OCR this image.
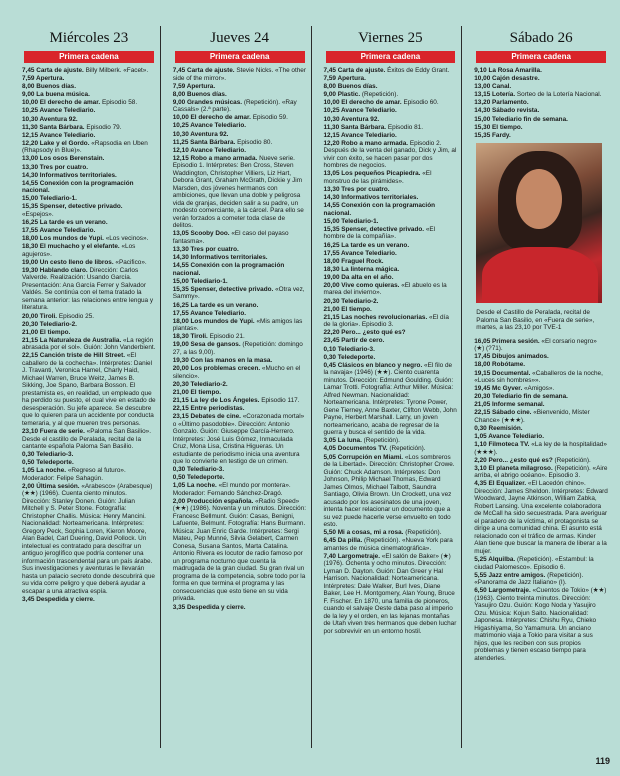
Miércoles 23
Primera cadena
7,45 Carta de ajuste. Billy Milberk. «Facet».
7,59 Apertura.
8,00 Buenos días.
9,00 La buena música.
10,00 El derecho de amar. Episodio 58.
10,25 Avance Telediario.
10,30 Aventura 92.
11,30 Santa Bárbara. Episodio 79.
12,15 Avance Telediario.
12,20 Lake y el Gordo. «Rapsodia en Uben (Rhapsody in Blue)».
13,00 Los osos Berenstain.
13,30 Tres por cuatro.
14,30 Informativos territoriales.
14,55 Conexión con la programación nacional.
15,00 Telediario-1.
15,35 Spenser, detective privado. «Espejos».
16,25 La tarde es un verano.
17,55 Avance Telediario.
18,00 Los mundos de Yupi. «Los vecinos».
18,30 El muchacho y el elefante. «Los agujeros».
19,00 Un cesto lleno de libros. «Pacifico».
19,30 Hablando claro. Dirección: Carlos Valverde. Realización: Usando García. Presentación: Ana García Ferrer y Salvador Valdés. Se continúa con el tema tratado la semana anterior: las relaciones entre lengua y literatura.
20,00 Tiroli. Episodio 25.
20,30 Telediario-2.
21,00 El tiempo.
21,15 La Naturaleza de Australia. «La región abrasada por el sol». Guión: John Vanderbient.
22,15 Canción triste de Hill Street. «El caballero de la cochecha». Intérpretes: Daniel J. Travanti, Veronica Hamel, Charly Haid, Michael Warren, Bruce Weitz, James B. Sikking, Joe Spano, Barbara Bosson. El prestamista es, en realidad, un empleado que ha perdido su puesto, el cual vive en estado de desesperación. Su jefe aparece. Se descubre que lo quieren para un accidente por conducta temeraria, y al que mueren tres personas.
23,10 Fuera de serie. «Paloma San Basilio». Desde el castillo de Peralada, recital de la cantante española Paloma San Basilio.
0,30 Telediario-3.
0,50 Teledeporte.
1,05 La noche. «Regreso al futuro». Moderador: Felipe Sahagún.
2,00 Última sesión. «Arabesco» (Arabesque) (★★) (1966). Cuenta ciento minutos. Dirección: Stanley Donen. Guión: Julian Mitchell y S. Peter Stone. Fotografía: Christopher Challis. Música: Henry Mancini. Nacionalidad: Norteamericana. Intérpretes: Gregory Peck, Sophia Loren, Kieron Moore, Alan Badel, Carl Duering, David Pollock. Un intelectual es contratado para descifrar un antiguo jeroglífico que podría contener una información trascendental para un país árabe. Sus investigaciones y aventuras le llevarán hasta un palacio secreto donde descubrirá que su vida corre peligro y que deberá ayudar a escapar a una atractiva espía.
3,45 Despedida y cierre.
Jueves 24
Primera cadena
7,45 Carta de ajuste. Stevie Nicks. «The other side of the mirror».
7,59 Apertura.
8,00 Buenos días.
9,00 Grandes músicas. (Repetición). «Ray Cassals» (2.ª parte).
10,00 El derecho de amar. Episodio 59.
10,25 Avance Telediario.
10,30 Aventura 92.
11,25 Santa Bárbara. Episodio 80.
12,10 Avance Telediario.
12,15 Robo a mano armada. Nueve serie. Episodio 1. Intérpretes: Ben Cross, Steven Waddington, Christopher Villiers, Liz Hart, Debora Grant, Graham McGrath, Dickie y Jim Marsden, dos jóvenes hermanos con ambiciones, que llevan una doble y peligrosa vida de granjas, deciden salir a su padre, un modesto comerciante, a la cárcel. Para ello se verán forzados a cometer toda clase de delitos.
13,05 Scooby Doo. «El caso del payaso fantasma».
13,30 Tres por cuatro.
14,30 Informativos territoriales.
14,55 Conexión con la programación nacional.
15,00 Telediario-1.
15,35 Spenser, detective privado. «Otra vez, Sammy».
16,25 La tarde es un verano.
17,55 Avance Telediario.
18,00 Los mundos de Yupi. «Mis amigos las plantas».
18,30 Tiroli. Episodio 21.
19,00 Sesa de gansos. (Repetición: domingo 27, a las 9,00).
19,30 Con las manos en la masa.
20,00 Los problemas crecen. «Mucho en el silencio».
20,30 Telediario-2.
21,00 El tiempo.
21,15 La ley de Los Ángeles. Episodio 117.
22,15 Entre periodistas.
23,15 Debates de cine. «Corazonada mortal» o «Último pasodoble». Dirección: Antonio Gonzalo. Guión: Giuseppe García-Herrero. Intérpretes: José Luis Gómez, Inmaculada Cruz, Mona Lisa, Cristina Higueras. Un estudiante de periodismo inicia una aventura que lo convierte en testigo de un crimen.
0,30 Telediario-3.
0,50 Teledeporte.
1,05 La noche. «El mundo por montera». Moderador: Fernando Sánchez-Dragó.
2,00 Producción española. «Radio Speed» (★★) (1986). Noventa y un minutos. Dirección: Francesc Bellmunt. Guión: Casas, Benigni, Lafuente, Belmunt. Fotografía: Hans Burmann. Música: Juan Enric Garde. Intérpretes: Sergi Mateu, Pep Munné, Silvia Gelabert, Carmen Conesa, Susana Santos, Marta Catalina. Antonio Rivera es locutor de radio famoso por un programa nocturno que cuenta la madrugada de la gran ciudad. Su gran rival un programa de la competencia, sobre todo por la forma en que termina el programa y las consecuencias que esto tiene en su vida privada.
3,35 Despedida y cierre.
Viernes 25
Primera cadena
7,45 Carta de ajuste. Éxitos de Eddy Grant.
7,59 Apertura.
8,00 Buenos días.
9,00 Plastic. (Repetición).
10,00 El derecho de amar. Episodio 60.
10,25 Avance Telediario.
10,30 Aventura 92.
11,30 Santa Bárbara. Episodio 81.
12,15 Avance Telediario.
12,20 Robo a mano armada. Episodio 2. Después de la venta del ganado, Dick y Jim, al vivir con éxito, se hacen pasar por dos hombres de negocios.
13,05 Los pequeños Picapiedra. «El monstruo de las pirámides».
13,30 Tres por cuatro.
14,30 Informativos territoriales.
14,55 Conexión con la programación nacional.
15,00 Telediario-1.
15,35 Spenser, detective privado. «El hombre de la compañía».
16,25 La tarde es un verano.
17,55 Avance Telediario.
18,00 Fraguel Rock.
18,30 La linterna mágica.
19,00 Da alta en el año.
20,00 Vive como quieras. «El abuelo es la marea del invierno».
20,30 Telediario-2.
21,00 El tiempo.
21,15 Las noches revolucionarias. «El día de la gloria». Episodio 3.
22,20 Pero... ¿esto qué es?
23,45 Partir de cero.
0,10 Telediario-3.
0,30 Teledeporte.
0,45 Clásicos en blanco y negro. «El filo de la navaja» (1946) (★★). Ciento cuarenta minutos. Dirección: Edmund Goulding. Guión: Lamar Trotti. Fotografía: Arthur Miller. Música: Alfred Newman. Nacionalidad: Norteamericana. Intérpretes: Tyrone Power, Gene Tierney, Anne Baxter, Clifton Webb, John Payne, Herbert Marshall. Larry, un joven norteamericano, acaba de regresar de la guerra y busca el sentido de la vida.
3,05 La luna. (Repetición).
4,05 Documentos TV. (Repetición).
5,05 Corrupción en Miami. «Los sombreros de la Libertad». Dirección: Christopher Crowe. Guión: Chuck Adamson. Intérpretes: Don Johnson, Philip Michael Thomas, Edward James Olmos, Michael Talbott, Saundra Santiago, Olivia Brown. Un Crockett, una vez acusado por los asesinatos de una joven, intenta hacer relacionar un documento que a su vez puede hacerle verse envuelto en todo esto.
5,50 Mi a cosas, mi a rosa. (Repetición).
6,45 Da pilla. (Repetición). «Nueva York para amantes de música cinematográfica».
7,40 Largometraje. «El salón de Baker» (★) (1976). Ochenta y ocho minutos. Dirección: Lyman D. Dayton. Guión: Dan Greer y Hal Harrison. Nacionalidad: Norteamericana. Intérpretes: Dale Walker, Burl Ives, Diane Baker, Lee H. Montgomery, Alan Young, Bruce F. Fischer. En 1870, una familia de pioneros, cuando el salvaje Oeste daba paso al imperio de la ley y el orden, en las lejanas montañas de Utah viven tres hermanos que deben luchar por sobrevivir en un entorno hostil.
Sábado 26
Primera cadena
9,10 La Rosa Amarilla.
10,00 Cajón desastre.
13,00 Canal.
13,15 Lotería. Sorteo de la Lotería Nacional.
13,20 Parlamento.
14,30 Sábado revista.
15,00 Telediario fin de semana.
15,30 El tiempo.
15,35 Fardy.
Desde el Castillo de Peralada, recital de Paloma San Basilio, en «Fuera de serie», martes, a las 23,10 por TVE-1
16,05 Primera sesión. «El corsario negro» (★) (?71).
17,45 Dibujos animados.
18,00 Robótame.
19,15 Documental. «Caballeros de la noche, «Luces sin hombres»».
19,45 Mc Gyver. «Amigos».
20,30 Telediario fin de semana.
21,05 Informe semanal.
22,15 Sábado cine. «Bienvenido, Míster Chance» (★★★).
0,30 Reemisión.
1,05 Avance Telediario.
1,10 Filmoteca TV. «La ley de la hospitalidad» (★★★).
2,20 Pero... ¿esto qué es? (Repetición).
3,10 El planeta milagroso. (Repetición). «Aire arriba, el abrigo océano». Episodio 3.
4,35 El Equalizer. «El Lacedón chino». Dirección: James Sheldon. Intérpretes: Edward Woodward, Jayne Atkinson, William Zabka, Robert Lansing. Una excelente colaboradora de McCall ha sido secuestrada. Para averiguar el paradero de la víctima, el protagonista se dirige a una comunidad china. El asunto está relacionado con el tráfico de armas. Kinder Alan tiene que buscar la manera de liberar a la mujer.
5,25 Alquilba. (Repetición). «Estambul: la ciudad Palomesco». Episodio 6.
5,55 Jazz entre amigos. (Repetición). «Panorama de Jazz Italiano» (I).
6,50 Largometraje. «Cuentos de Tokio» (★★) (1963). Ciento treinta minutos. Dirección: Yasujiro Ozu. Guión: Kogo Noda y Yasujiro Ozu. Música: Kojun Saito. Nacionalidad: Japonesa. Intérpretes: Chishu Ryu, Chieko Higashiyama, So Yamamura. Un anciano matrimonio viaja a Tokio para visitar a sus hijos, que les reciben con sus propios problemas y tienen escaso tiempo para atenderles.
119
